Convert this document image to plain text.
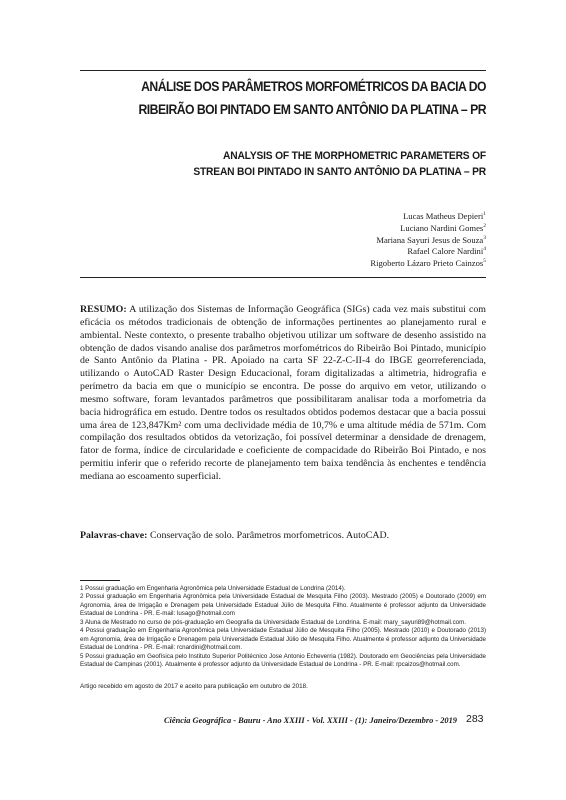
ANÁLISE DOS PARÂMETROS MORFOMÉTRICOS DA BACIA DO
RIBEIRÃO BOI PINTADO EM SANTO ANTÔNIO DA PLATINA – PR
ANALYSIS OF THE MORPHOMETRIC PARAMETERS OF
STREAN BOI PINTADO IN SANTO ANTÔNIO DA PLATINA – PR
Lucas Matheus Depieri$^1$
Luciano Nardini Gomes$^2$
Mariana Sayuri Jesus de Souza$^3$
Rafael Calore Nardini$^4$
Rigoberto Lázaro Prieto Cainzos$^5$
RESUMO: A utilização dos Sistemas de Informação Geográfica (SIGs) cada vez mais substitui com eficácia os métodos tradicionais de obtenção de informações pertinentes ao planejamento rural e ambiental. Neste contexto, o presente trabalho objetivou utilizar um software de desenho assistido na obtenção de dados visando analise dos parâmetros morfométricos do Ribeirão Boi Pintado, município de Santo Antônio da Platina - PR. Apoiado na carta SF 22-Z-C-II-4 do IBGE georreferenciada, utilizando o AutoCAD Raster Design Educacional, foram digitalizadas a altimetria, hidrografia e perímetro da bacia em que o município se encontra. De posse do arquivo em vetor, utilizando o mesmo software, foram levantados parâmetros que possibilitaram analisar toda a morfometria da bacia hidrográfica em estudo. Dentre todos os resultados obtidos podemos destacar que a bacia possui uma área de 123,847Km² com uma declividade média de 10,7% e uma altitude média de 571m. Com compilação dos resultados obtidos da vetorização, foi possível determinar a densidade de drenagem, fator de forma, índice de circularidade e coeficiente de compacidade do Ribeirão Boi Pintado, e nos permitiu inferir que o referido recorte de planejamento tem baixa tendência às enchentes e tendência mediana ao escoamento superficial.
Palavras-chave: Conservação de solo. Parâmetros morfometricos. AutoCAD.

1 Possui graduação em Engenharia Agronômica pela Universidade Estadual de Londrina (2014).

2 Possui graduação em Engenharia Agronômica pela Universidade Estadual de Mesquita Filho (2003). Mestrado (2005) e Doutorado (2009) em Agronomia, área de Irrigação e Drenagem pela Universidade Estadual Júlio de Mesquita Filho. Atualmente é professor adjunto da Universidade Estadual de Londrina - PR. E-mail: lusago@hotmail.com

3 Aluna de Mestrado no curso de pós-graduação em Geografia da Universidade Estadual de Londrina. E-mail: mary_sayuri89@hotmail.com.

4 Possui graduação em Engenharia Agronômica pela Universidade Estadual Júlio de Mesquita Filho (2005). Mestrado (2010) e Doutorado (2013) em Agronomia, área de Irrigação e Drenagem pela Universidade Estadual Júlio de Mesquita Filho. Atualmente é professor adjunto da Universidade Estadual de Londrina - PR. E-mail: rcnardini@hotmail.com.

5 Possui graduação em Geofísica pelo Instituto Superior Politécnico Jose Antonio Echeverria (1982). Doutorado em Geociências pela Universidade Estadual de Campinas (2001). Atualmente é professor adjunto da Universidade Estadual de Londrina - PR. E-mail: rpcaizos@hotmail.com.

Artigo recebido em agosto de 2017 e aceito para publicação em outubro de 2018.
Ciência Geográfica - Bauru - Ano XXIII - Vol. XXIII - (1): Janeiro/Dezembro - 2019 283
